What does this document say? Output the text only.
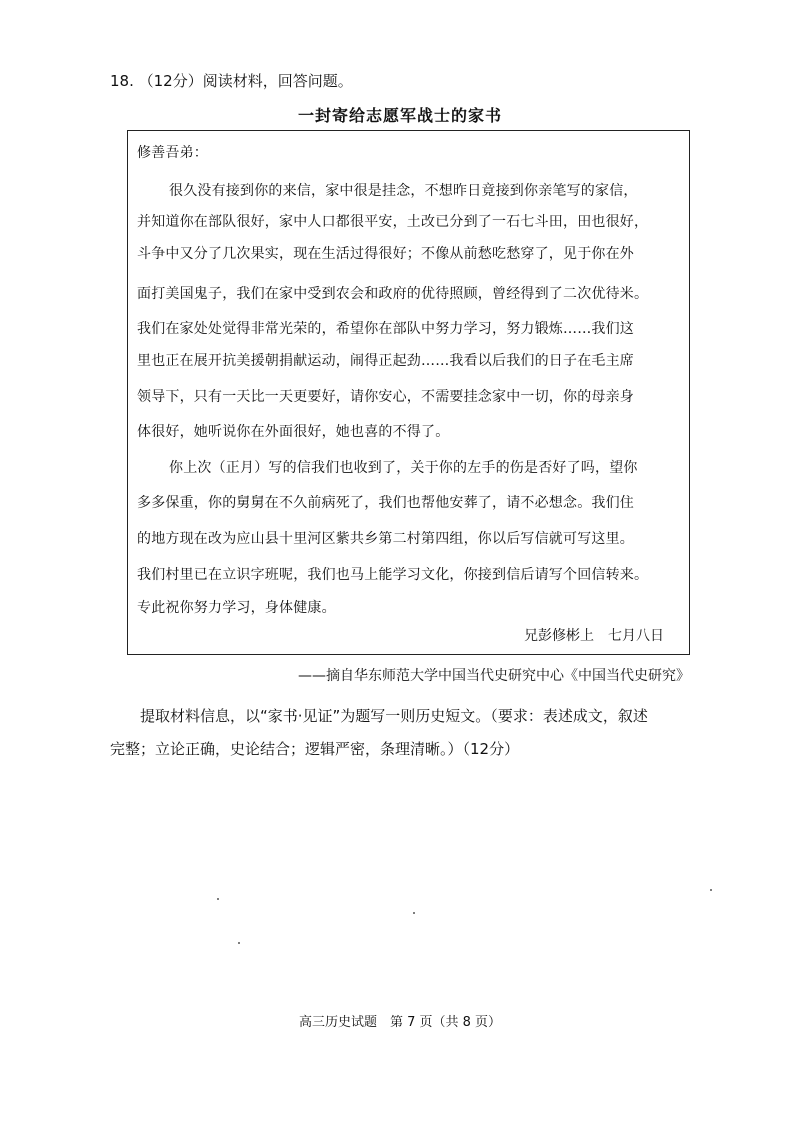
18. （12分）阅读材料，回答问题。
一封寄给志愿军战士的家书
修善吾弟：
很久没有接到你的来信，家中很是挂念，不想昨日竟接到你亲笔写的家信，
并知道你在部队很好，家中人口都很平安，土改已分到了一石七斗田，田也很好，
斗争中又分了几次果实，现在生活过得很好；不像从前愁吃愁穿了，见于你在外
面打美国鬼子，我们在家中受到农会和政府的优待照顾，曾经得到了二次优待米。
我们在家处处觉得非常光荣的，希望你在部队中努力学习，努力锻炼……我们这
里也正在展开抗美援朝捐献运动，闹得正起劲……我看以后我们的日子在毛主席
领导下，只有一天比一天更要好，请你安心，不需要挂念家中一切，你的母亲身
体很好，她听说你在外面很好，她也喜的不得了。
你上次（正月）写的信我们也收到了，关于你的左手的伤是否好了吗，望你
多多保重，你的舅舅在不久前病死了，我们也帮他安葬了，请不必想念。我们住
的地方现在改为应山县十里河区紫共乡第二村第四组，你以后写信就可写这里。
我们村里已在立识字班呢，我们也马上能学习文化，你接到信后请写个回信转来。
专此祝你努力学习，身体健康。
兄彭修彬上　七月八日
——摘自华东师范大学中国当代史研究中心《中国当代史研究》
提取材料信息，以“家书·见证”为题写一则历史短文。（要求：表述成文，叙述
完整；立论正确，史论结合；逻辑严密，条理清晰。）（12分）
高三历史试题　第 7 页（共 8 页）
